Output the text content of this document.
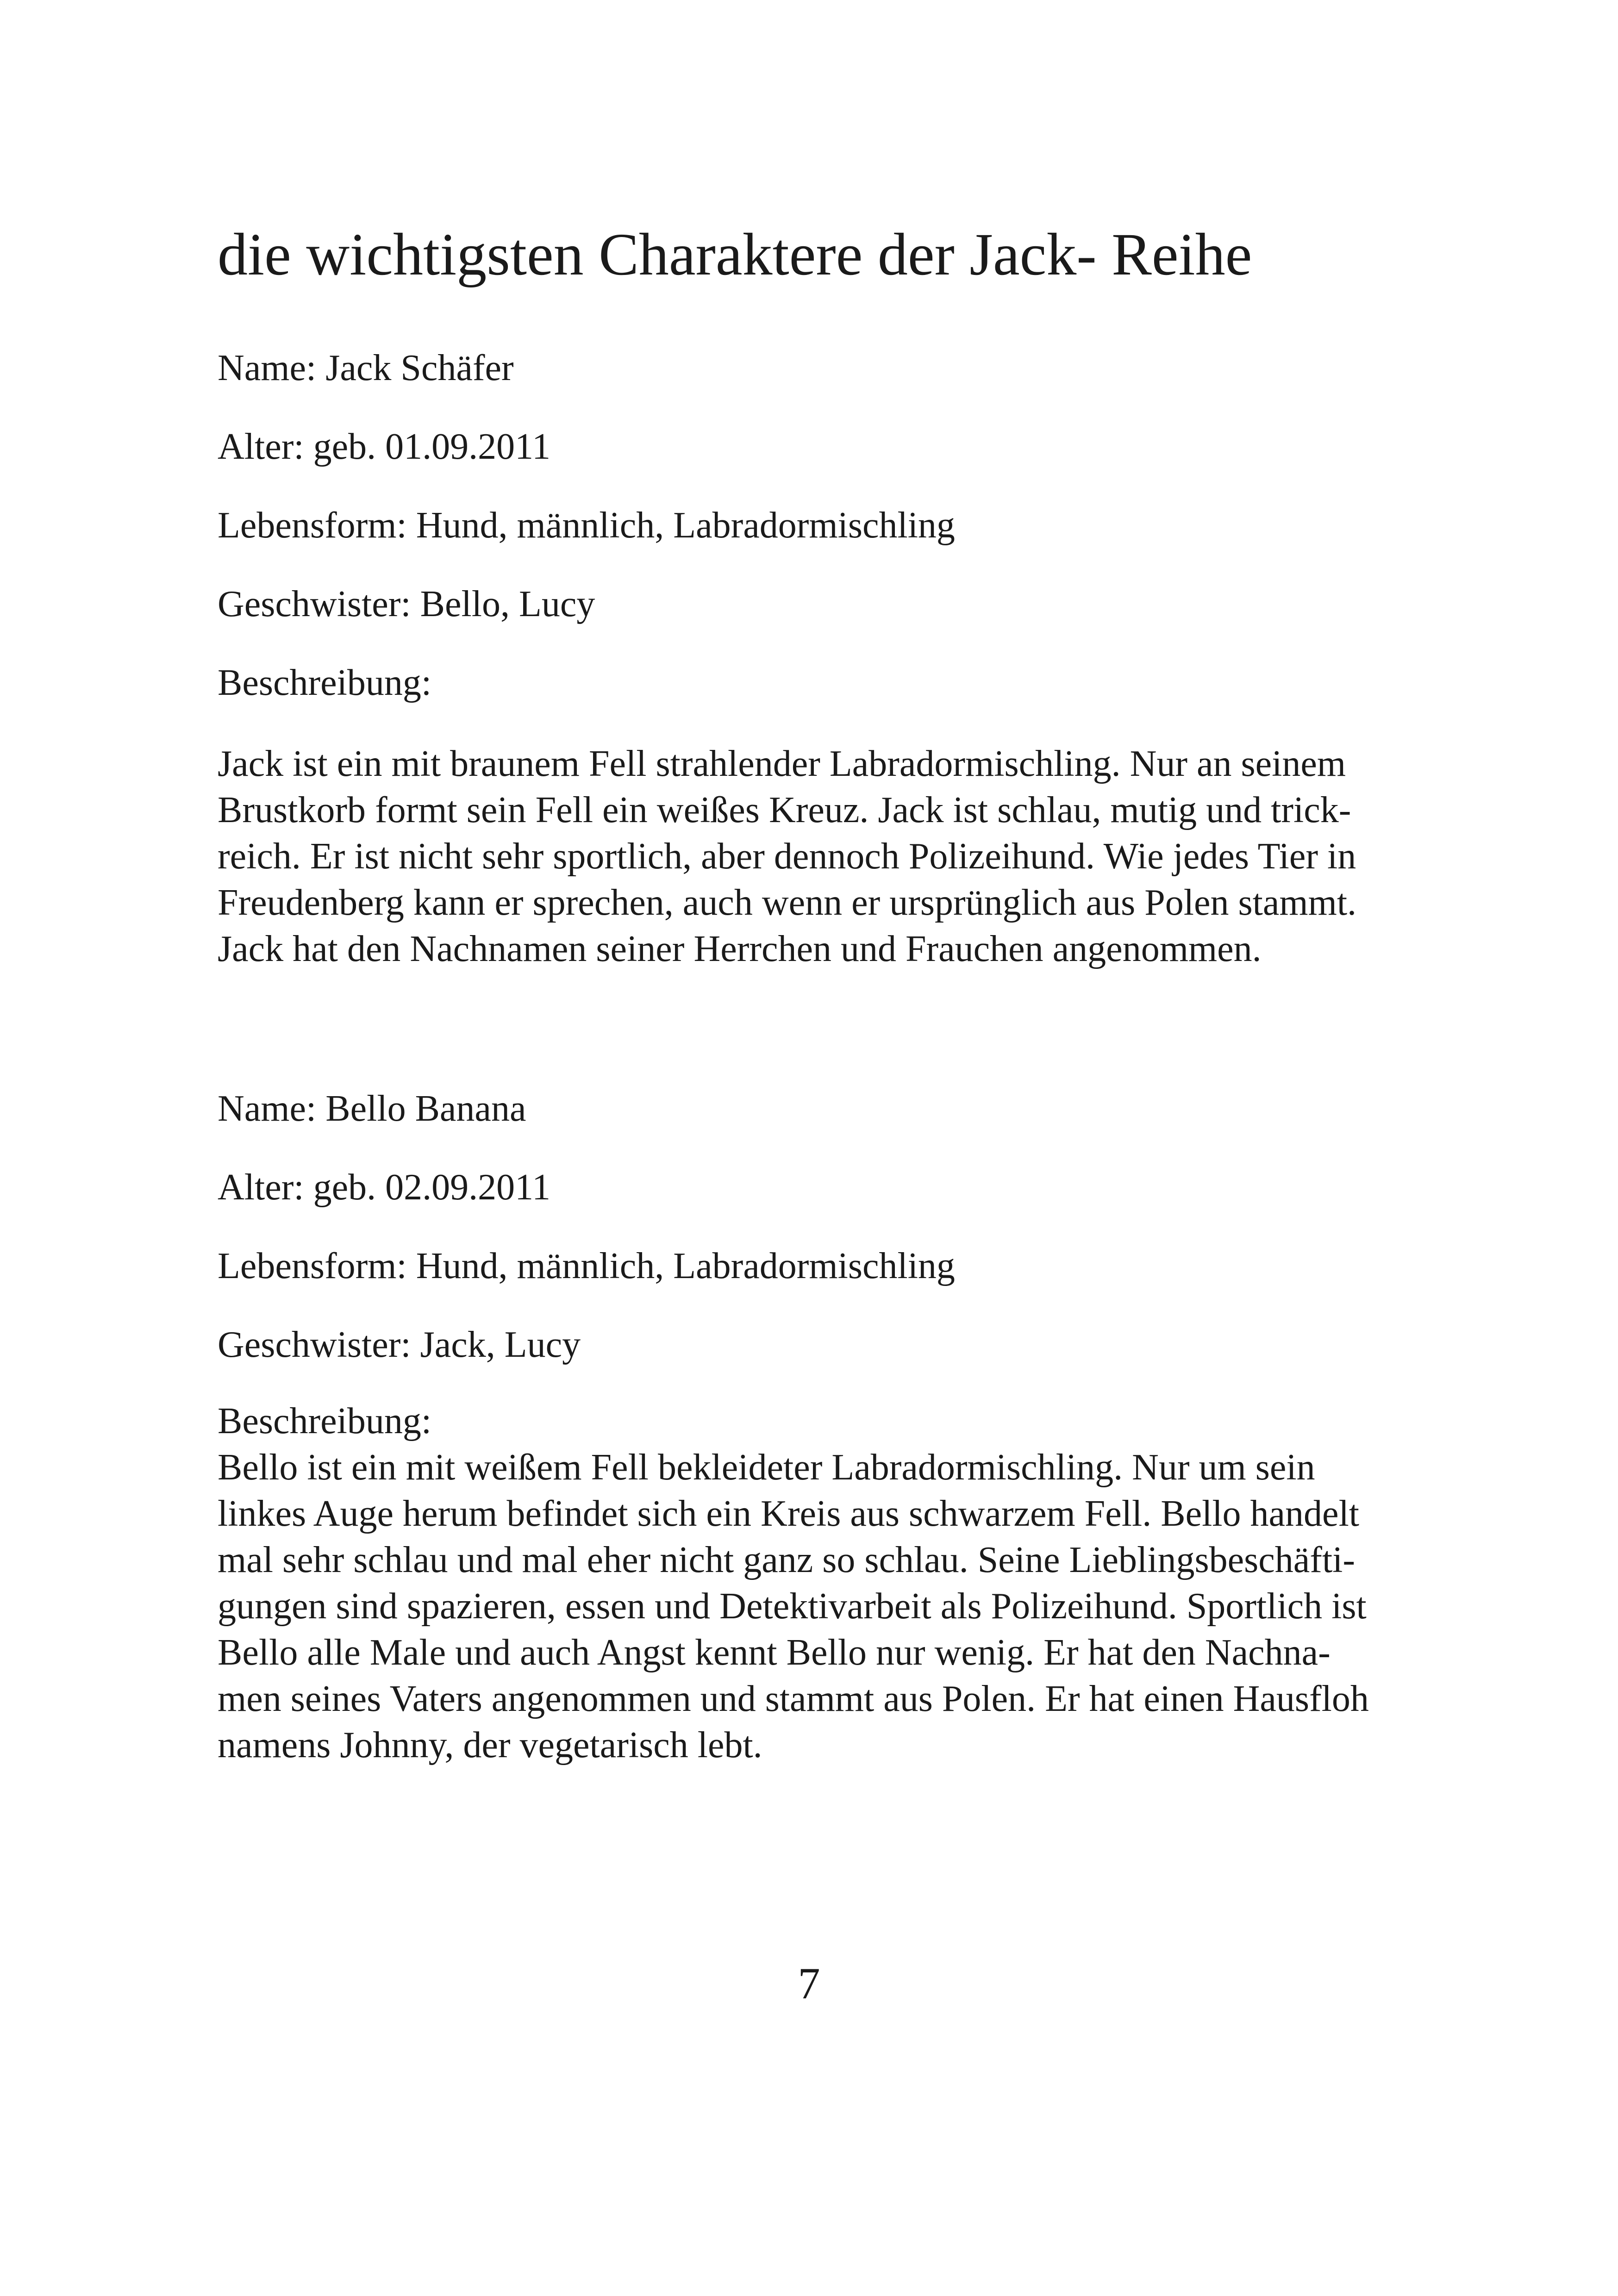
die wichtigsten Charaktere der Jack- Reihe
Name: Jack Schäfer
Alter: geb. 01.09.2011
Lebensform: Hund, männlich, Labradormischling
Geschwister: Bello, Lucy
Beschreibung:
Jack ist ein mit braunem Fell strahlender Labradormischling. Nur an seinem
Brustkorb formt sein Fell ein weißes Kreuz. Jack ist schlau, mutig und trick-
reich. Er ist nicht sehr sportlich, aber dennoch Polizeihund. Wie jedes Tier in
Freudenberg kann er sprechen, auch wenn er ursprünglich aus Polen stammt.
Jack hat den Nachnamen seiner Herrchen und Frauchen angenommen.
Name: Bello Banana
Alter: geb. 02.09.2011
Lebensform: Hund, männlich, Labradormischling
Geschwister: Jack, Lucy
Beschreibung:
Bello ist ein mit weißem Fell bekleideter Labradormischling. Nur um sein
linkes Auge herum befindet sich ein Kreis aus schwarzem Fell. Bello handelt
mal sehr schlau und mal eher nicht ganz so schlau. Seine Lieblingsbeschäfti-
gungen sind spazieren, essen und Detektivarbeit als Polizeihund. Sportlich ist
Bello alle Male und auch Angst kennt Bello nur wenig. Er hat den Nachna-
men seines Vaters angenommen und stammt aus Polen. Er hat einen Hausfloh
namens Johnny, der vegetarisch lebt.
7
